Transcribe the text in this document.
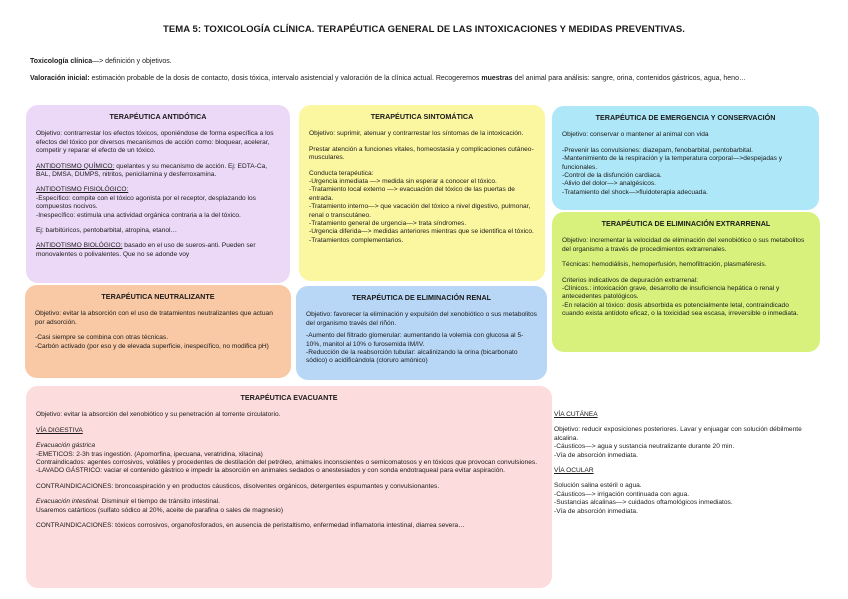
TEMA 5: TOXICOLOGÍA CLÍNICA. TERAPÉUTICA GENERAL DE LAS INTOXICACIONES Y MEDIDAS PREVENTIVAS.
Toxicología clínica—> definición y objetivos.
Valoración inicial: estimación probable de la dosis de contacto, dosis tóxica, intervalo asistencial y valoración de la clínica actual. Recogeremos muestras del animal para análisis: sangre, orina, contenidos gástricos, agua, heno…
TERAPÉUTICA ANTIDÓTICA

Objetivo: contrarrestar los efectos tóxicos, oponiéndose de forma específica a los efectos del tóxico por diversos mecanismos de acción como: bloquear, acelerar, competir y reparar el efecto de un tóxico.

ANTIDOTISMO QUÍMICO: quelantes y su mecanismo de acción. Ej: EDTA-Ca, BAL, DMSA, DUMPS, nitritos, penicilamina y desferroxamina.

ANTIDOTISMO FISIOLÓGICO:

-Específico: compite con el tóxico agonista por el receptor, desplazando los compuestos nocivos.

-Inespecífico: estimula una actividad orgánica contraria a la del tóxico.

Ej: barbitúricos, pentobarbital, atropina, etanol…

ANTIDOTISMO BIOLÓGICO: basado en el uso de sueros-anti. Pueden ser monovalentes o polivalentes. Que no se adonde voy

TERAPÉUTICA SINTOMÁTICA

Objetivo: suprimir, atenuar y contrarrestar los síntomas de la intoxicación.

Prestar atención a funciones vitales, homeostasia y complicaciones cutáneo-musculares.

Conducta terapéutica:

-Urgencia inmediata —> medida sin esperar a conocer el tóxico.

-Tratamiento local externo —> evacuación del tóxico de las puertas de entrada.

-Tratamiento interno—> que vacación del tóxico a nivel digestivo, pulmonar, renal o transcutáneo.

-Tratamiento general de urgencia—> trata síndromes.

-Urgencia diferida—> medidas anteriores mientras que se identifica el tóxico.

-Tratamientos complementarios.

TERAPÉUTICA DE EMERGENCIA Y CONSERVACIÓN

Objetivo: conservar o mantener al animal con vida

-Prevenir las convulsiones: diazepam, fenobarbital, pentobarbital.

-Mantenimiento de la respiración y la temperatura corporal—>despejadas y funcionales.

-Control de la disfunción cardiaca.

-Alivio del dolor—> analgésicos.

-Tratamiento del shock—>fluidoterapia adecuada.

TERAPÉUTICA DE ELIMINACIÓN EXTRARRENAL

Objetivo: incrementar la velocidad de eliminación del xenobiótico o sus metabolitos del organismo a través de procedimientos extrarrenales.

Técnicas: hemodiálisis, hemoperfusión, hemofiltración, plasmaféresis.

Criterios indicativos de depuración extrarrenal:

-Clínicos.: intoxicación grave, desarrollo de insuficiencia hepática o renal y antecedentes patológicos.

-En relación al tóxico: dosis absorbida es potencialmente letal, contraindicado cuando exista antídoto eficaz, o la toxicidad sea escasa, irreversible o inmediata.

TERAPÉUTICA NEUTRALIZANTE

Objetivo: evitar la absorción con el uso de tratamientos neutralizantes que actuan por adsorción.

-Casi siempre se combina con otras técnicas.

-Carbón activado (por eso y de elevada superficie, inespecífico, no modifica pH)

TERAPÉUTICA DE ELIMINACIÓN RENAL

Objetivo: favorecer la eliminación y expulsión del xenobiótico o sus metabolitos del organismo través del riñón.

-Aumento del filtrado glomerular: aumentando la volemia con glucosa al 5-10%, manitol al 10% o furosemida IM/IV.

-Reducción de la reabsorción tubular: alcalinizando la orina (bicarbonato sódico) o acidificándola (cloruro amónico)

TERAPÉUTICA EVACUANTE

Objetivo: evitar la absorción del xenobiótico y su penetración al torrente circulatorio.

VÍA DIGESTIVA

Evacuación gástrica

-EMETICOS: 2-3h tras ingestión. (Apomorfina, ipecuana, veratridina, xilacina)

Contraindicados: agentes corrosivos, volátiles y procedentes de destilación del petróleo, animales inconscientes o semicomatosos y en tóxicos que provocan convulsiones.

-LAVADO GÁSTRICO: vaciar el contenido gástrico e impedir la absorción en animales sedados o anestesiados y con sonda endotraqueal para evitar aspiración.

CONTRAINDICACIONES: broncoaspiración y en productos cáusticos, disolventes orgánicos, detergentes espumantes y convulsionantes.

Evacuación intestinal. Disminuir el tiempo de tránsito intestinal.

Usaremos catárticos (sulfato sódico al 20%, aceite de parafina o sales de magnesio)

CONTRAINDICACIONES: tóxicos corrosivos, organofosforados, en ausencia de peristaltismo, enfermedad inflamatoria intestinal, diarrea severa…

VÍA CUTÁNEA

Objetivo: reducir exposiciones posteriores. Lavar y enjuagar con solución débilmente alcalina.

-Cáusticos—> agua y sustancia neutralizante durante 20 min.

-Vía de absorción inmediata.

VÍA OCULAR

Solución salina estéril o agua.

-Cáusticos—> irrigación continuada con agua.

-Sustancias alcalinas—> cuidados oftamológicos inmediatos.

-Vía de absorción inmediata.
